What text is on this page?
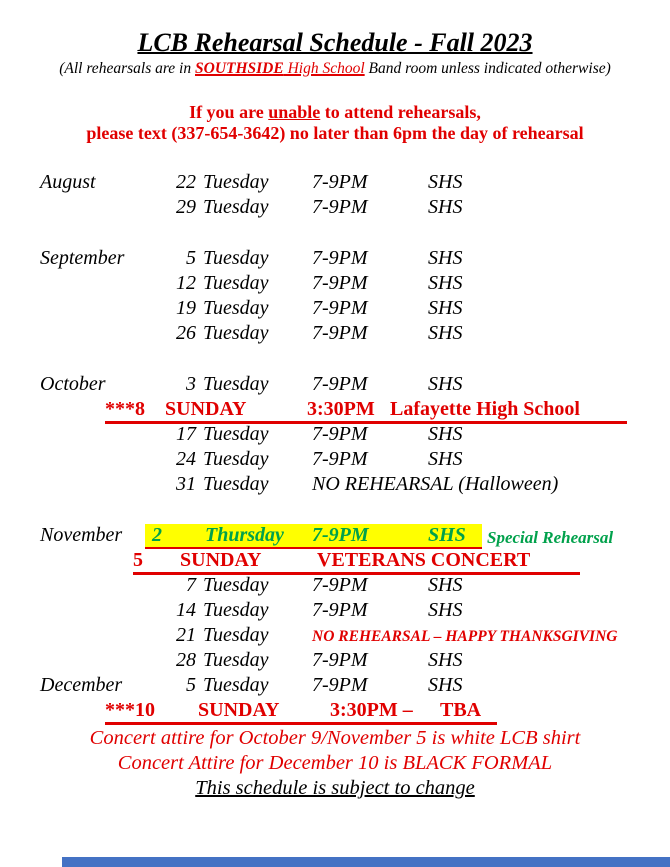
LCB Rehearsal Schedule - Fall 2023
(All rehearsals are in SOUTHSIDE High School Band room unless indicated otherwise)
If you are unable to attend rehearsals,
please text (337-654-3642) no later than 6pm the day of rehearsal
August	22 Tuesday 7-9PM	SHS
29 Tuesday 7-9PM	SHS
September	5 Tuesday 7-9PM	SHS
12 Tuesday 7-9PM	SHS
19 Tuesday 7-9PM	SHS
26 Tuesday 7-9PM	SHS
October	3 Tuesday 7-9PM	SHS
***8 SUNDAY	3:30PM Lafayette High School
17 Tuesday 7-9PM	SHS
24 Tuesday 7-9PM	SHS
31 Tuesday NO REHEARSAL (Halloween)
November 2 Thursday 7-9PM	SHS Special Rehearsal
5 SUNDAY	VETERANS CONCERT
7 Tuesday 7-9PM	SHS
14 Tuesday 7-9PM	SHS
21 Tuesday	NO REHEARSAL – HAPPY THANKSGIVING
28 Tuesday 7-9PM	SHS
December	5 Tuesday 7-9PM	SHS
***10 SUNDAY	3:30PM – TBA
Concert attire for October 9/November 5 is white LCB shirt
Concert Attire for December 10 is BLACK FORMAL
This schedule is subject to change
